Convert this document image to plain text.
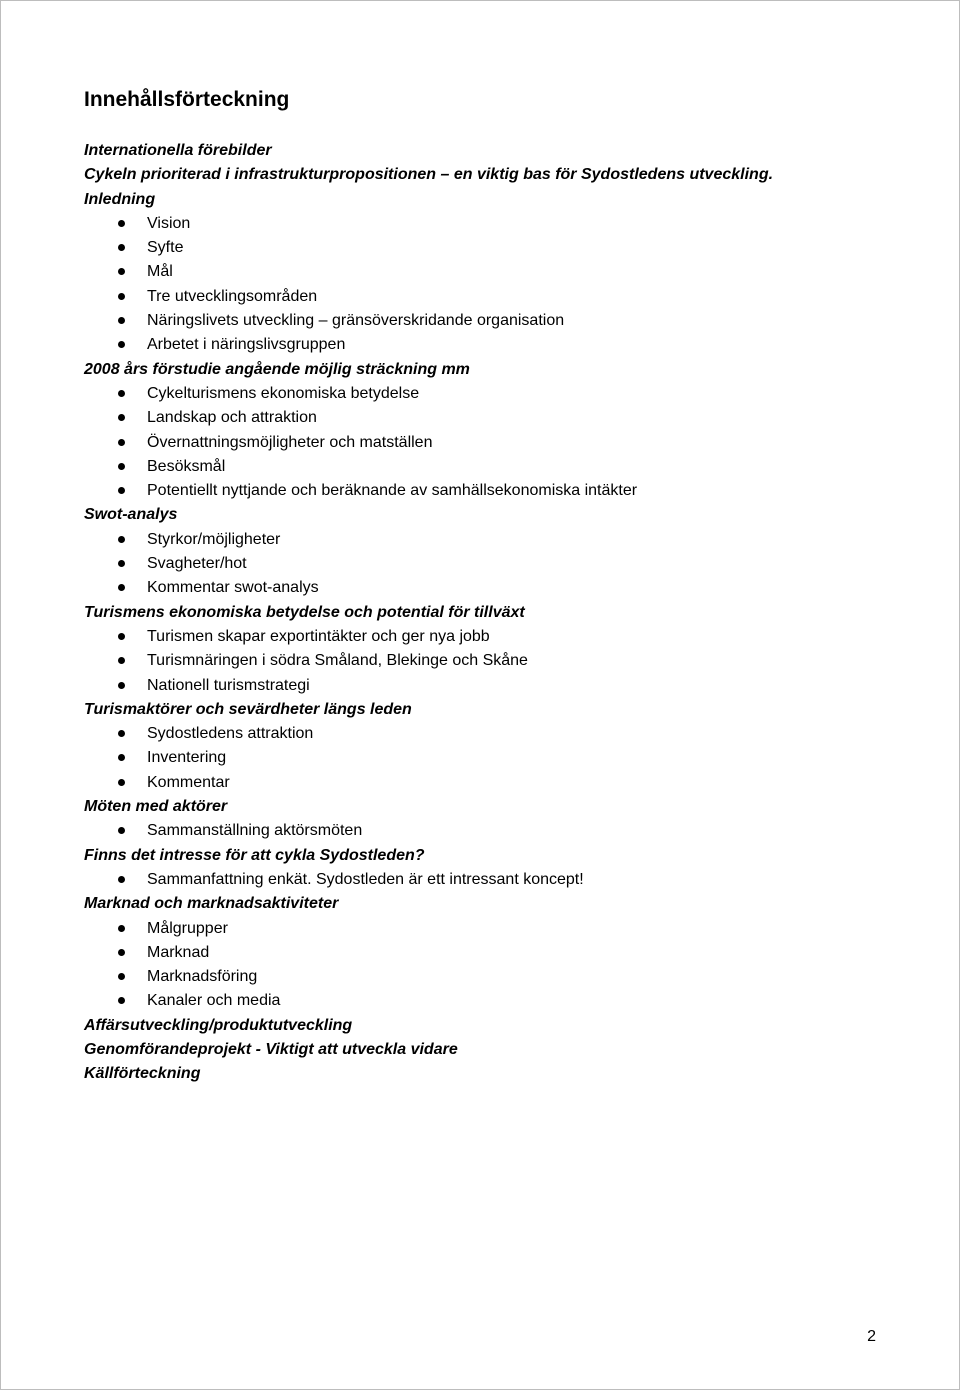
Innehållsförteckning
Internationella förebilder
Cykeln prioriterad i infrastrukturpropositionen – en viktig bas för Sydostledens utveckling.
Inledning
Vision
Syfte
Mål
Tre utvecklingsområden
Näringslivets utveckling – gränsöverskridande organisation
Arbetet i näringslivsgruppen
2008 års förstudie angående möjlig sträckning mm
Cykelturismens ekonomiska betydelse
Landskap och attraktion
Övernattningsmöjligheter och matställen
Besöksmål
Potentiellt nyttjande och beräknande av samhällsekonomiska intäkter
Swot-analys
Styrkor/möjligheter
Svagheter/hot
Kommentar swot-analys
Turismens ekonomiska betydelse och potential för tillväxt
Turismen skapar exportintäkter och ger nya jobb
Turismnäringen i södra Småland, Blekinge och Skåne
Nationell turismstrategi
Turismaktörer och sevärdheter längs leden
Sydostledens attraktion
Inventering
Kommentar
Möten med aktörer
Sammanställning aktörsmöten
Finns det intresse för att cykla Sydostleden?
Sammanfattning enkät. Sydostleden är ett intressant koncept!
Marknad och marknadsaktiviteter
Målgrupper
Marknad
Marknadsföring
Kanaler och media
Affärsutveckling/produktutveckling
Genomförandeprojekt - Viktigt att utveckla vidare
Källförteckning
2
